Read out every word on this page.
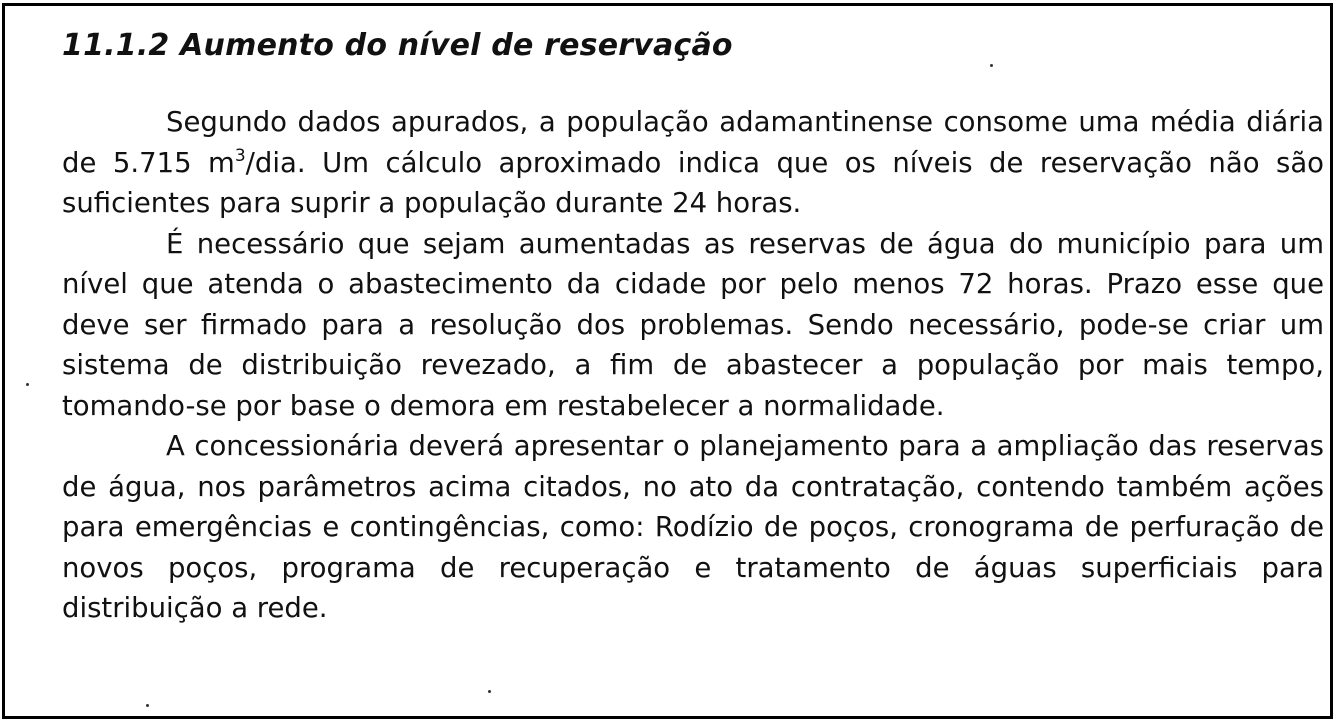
11.1.2 Aumento do nível de reservação

Segundo dados apurados, a população adamantinense consome uma média diária de 5.715 $m^3$/dia. Um cálculo aproximado indica que os níveis de reservação não são suficientes para suprir a população durante 24 horas.

É necessário que sejam aumentadas as reservas de água do município para um nível que atenda o abastecimento da cidade por pelo menos 72 horas. Prazo esse que deve ser firmado para a resolução dos problemas. Sendo necessário, pode-se criar um sistema de distribuição revezado, a fim de abastecer a população por mais tempo, tomando-se por base o demora em restabelecer a normalidade.

A concessionária deverá apresentar o planejamento para a ampliação das reservas de água, nos parâmetros acima citados, no ato da contratação, contendo também ações para emergências e contingências, como: Rodízio de poços, cronograma de perfuração de novos poços, programa de recuperação e tratamento de águas superficiais para distribuição a rede.
